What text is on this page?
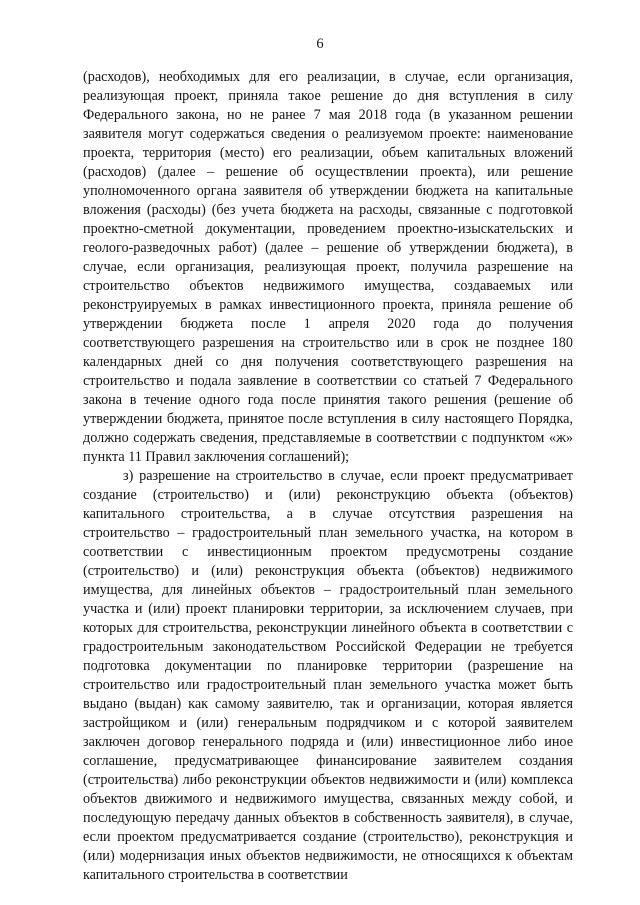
6

(расходов), необходимых для его реализации, в случае, если организация, реализующая проект, приняла такое решение до дня вступления в силу Федерального закона, но не ранее 7 мая 2018 года (в указанном решении заявителя могут содержаться сведения о реализуемом проекте: наименование проекта, территория (место) его реализации, объем капитальных вложений (расходов) (далее – решение об осуществлении проекта), или решение уполномоченного органа заявителя об утверждении бюджета на капитальные вложения (расходы) (без учета бюджета на расходы, связанные с подготовкой проектно-сметной документации, проведением проектно-изыскательских и геолого-разведочных работ) (далее – решение об утверждении бюджета), в случае, если организация, реализующая проект, получила разрешение на строительство объектов недвижимого имущества, создаваемых или реконструируемых в рамках инвестиционного проекта, приняла решение об утверждении бюджета после 1 апреля 2020 года до получения соответствующего разрешения на строительство или в срок не позднее 180 календарных дней со дня получения соответствующего разрешения на строительство и подала заявление в соответствии со статьей 7 Федерального закона в течение одного года после принятия такого решения (решение об утверждении бюджета, принятое после вступления в силу настоящего Порядка, должно содержать сведения, представляемые в соответствии с подпунктом «ж» пункта 11 Правил заключения соглашений);

з) разрешение на строительство в случае, если проект предусматривает создание (строительство) и (или) реконструкцию объекта (объектов) капитального строительства, а в случае отсутствия разрешения на строительство – градостроительный план земельного участка, на котором в соответствии с инвестиционным проектом предусмотрены создание (строительство) и (или) реконструкция объекта (объектов) недвижимого имущества, для линейных объектов – градостроительный план земельного участка и (или) проект планировки территории, за исключением случаев, при которых для строительства, реконструкции линейного объекта в соответствии с градостроительным законодательством Российской Федерации не требуется подготовка документации по планировке территории (разрешение на строительство или градостроительный план земельного участка может быть выдано (выдан) как самому заявителю, так и организации, которая является застройщиком и (или) генеральным подрядчиком и с которой заявителем заключен договор генерального подряда и (или) инвестиционное либо иное соглашение, предусматривающее финансирование заявителем создания (строительства) либо реконструкции объектов недвижимости и (или) комплекса объектов движимого и недвижимого имущества, связанных между собой, и последующую передачу данных объектов в собственность заявителя), в случае, если проектом предусматривается создание (строительство), реконструкция и (или) модернизация иных объектов недвижимости, не относящихся к объектам капитального строительства в соответствии
